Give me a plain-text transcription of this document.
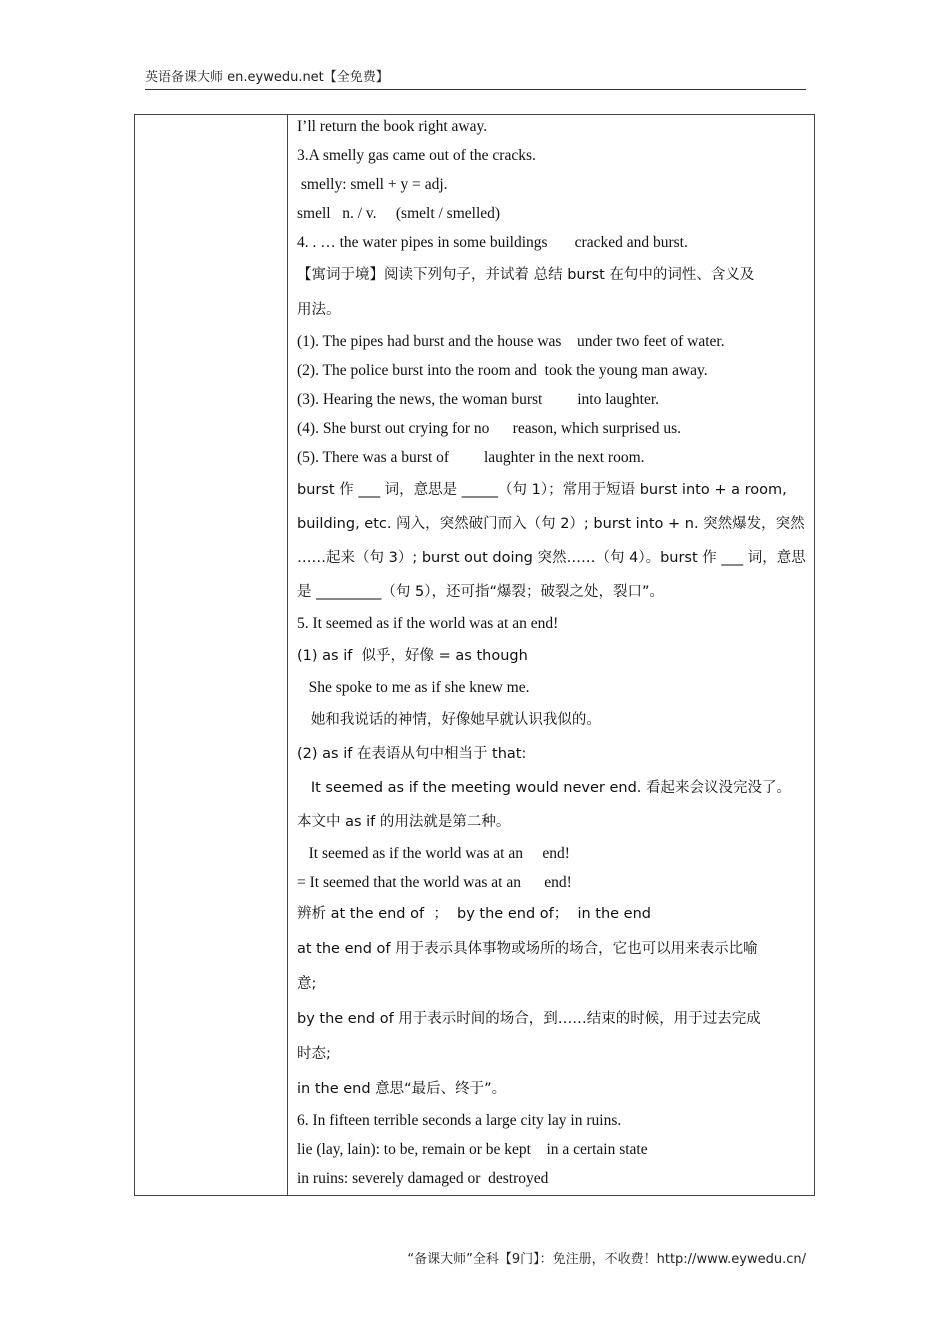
英语备课大师 en.eywedu.net【全免费】

I’ll return the book right away.

3.A smelly gas came out of the cracks.

smelly: smell + y = adj.

smell   n. / v.     (smelt / smelled)

4. . … the water pipes in some buildings       cracked and burst.

【寓词于境】阅读下列句子，并试着 总结 burst 在句中的词性、含义及

用法。

(1). The pipes had burst and the house was    under two feet of water.

(2). The police burst into the room and  took the young man away.

(3). Hearing the news, the woman burst         into laughter.

(4). She burst out crying for no      reason, which surprised us.

(5). There was a burst of         laughter in the next room.

burst 作 ___ 词，意思是 _____（句 1）；常用于短语 burst into + a room,

building, etc. 闯入，突然破门而入（句 2）; burst into + n. 突然爆发，突然

……起来（句 3）; burst out doing 突然……（句 4）。burst 作 ___ 词，意思

是 _________（句 5），还可指“爆裂；破裂之处，裂口”。

5. It seemed as if the world was at an end!

(1) as if  似乎，好像 = as though

She spoke to me as if she knew me.

她和我说话的神情，好像她早就认识我似的。

(2) as if 在表语从句中相当于 that:

It seemed as if the meeting would never end. 看起来会议没完没了。

本文中 as if 的用法就是第二种。

It seemed as if the world was at an     end!

= It seemed that the world was at an      end!

辨析 at the end of  ；  by the end of；  in the end

at the end of 用于表示具体事物或场所的场合，它也可以用来表示比喻

意;

by the end of 用于表示时间的场合，到……结束的时候，用于过去完成

时态;

in the end 意思“最后、终于”。

6. In fifteen terrible seconds a large city lay in ruins.

lie (lay, lain): to be, remain or be kept    in a certain state

in ruins: severely damaged or  destroyed

“备课大师”全科【9门】：免注册，不收费！http://www.eywedu.cn/
